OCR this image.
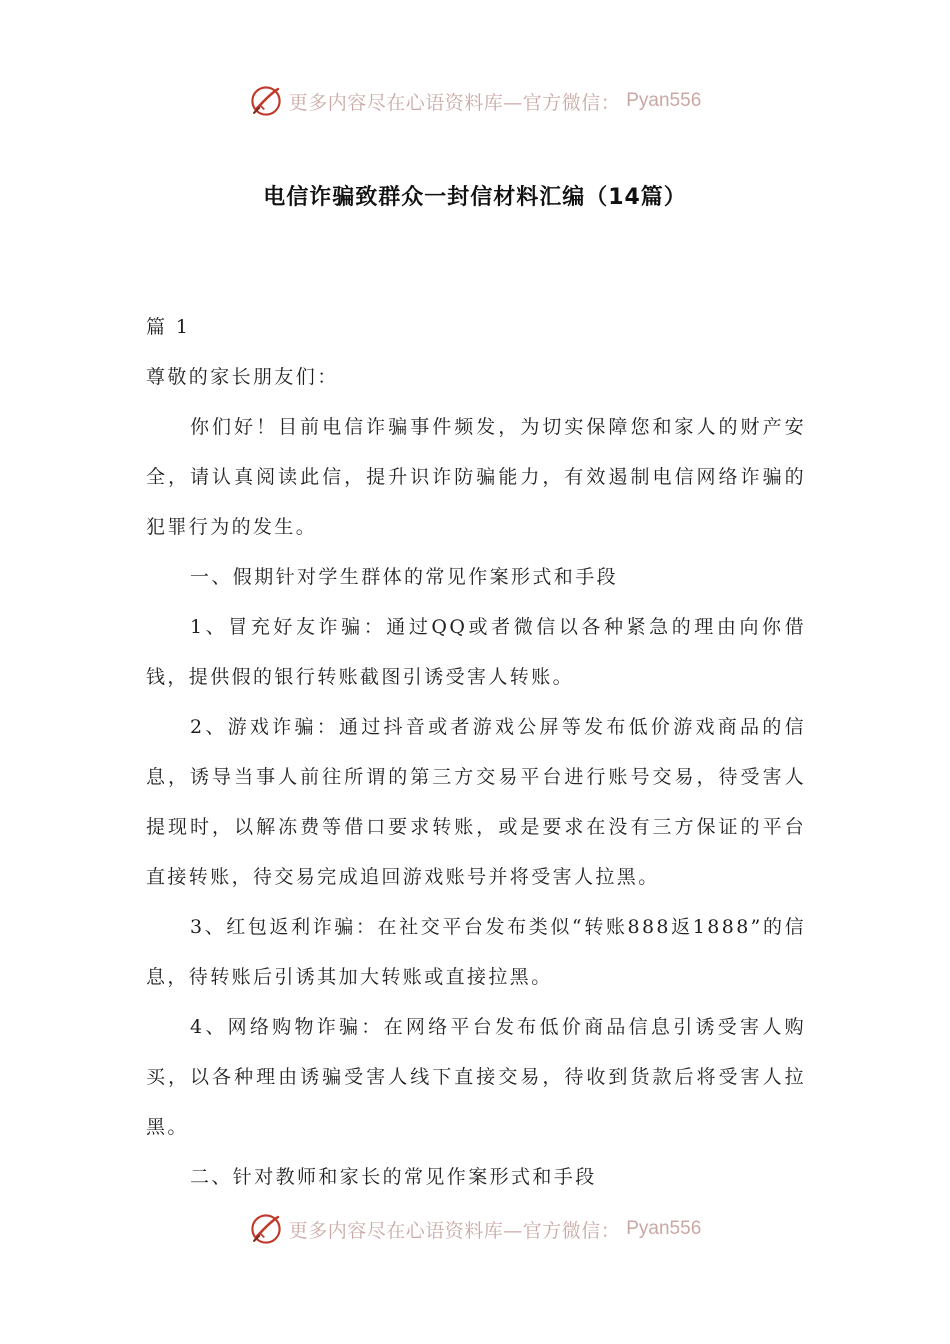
更多内容尽在心语资料库—官方微信： Pyan556
电信诈骗致群众一封信材料汇编（14篇）

篇 1

尊敬的家长朋友们：

你们好！目前电信诈骗事件频发，为切实保障您和家人的财产安全，请认真阅读此信，提升识诈防骗能力，有效遏制电信网络诈骗的犯罪行为的发生。

一、假期针对学生群体的常见作案形式和手段

1、冒充好友诈骗：通过QQ或者微信以各种紧急的理由向你借钱，提供假的银行转账截图引诱受害人转账。

2、游戏诈骗：通过抖音或者游戏公屏等发布低价游戏商品的信息，诱导当事人前往所谓的第三方交易平台进行账号交易，待受害人提现时，以解冻费等借口要求转账，或是要求在没有三方保证的平台直接转账，待交易完成追回游戏账号并将受害人拉黑。

3、红包返利诈骗：在社交平台发布类似“转账888返1888”的信息，待转账后引诱其加大转账或直接拉黑。

4、网络购物诈骗：在网络平台发布低价商品信息引诱受害人购买，以各种理由诱骗受害人线下直接交易，待收到货款后将受害人拉黑。

二、针对教师和家长的常见作案形式和手段

更多内容尽在心语资料库—官方微信： Pyan556
